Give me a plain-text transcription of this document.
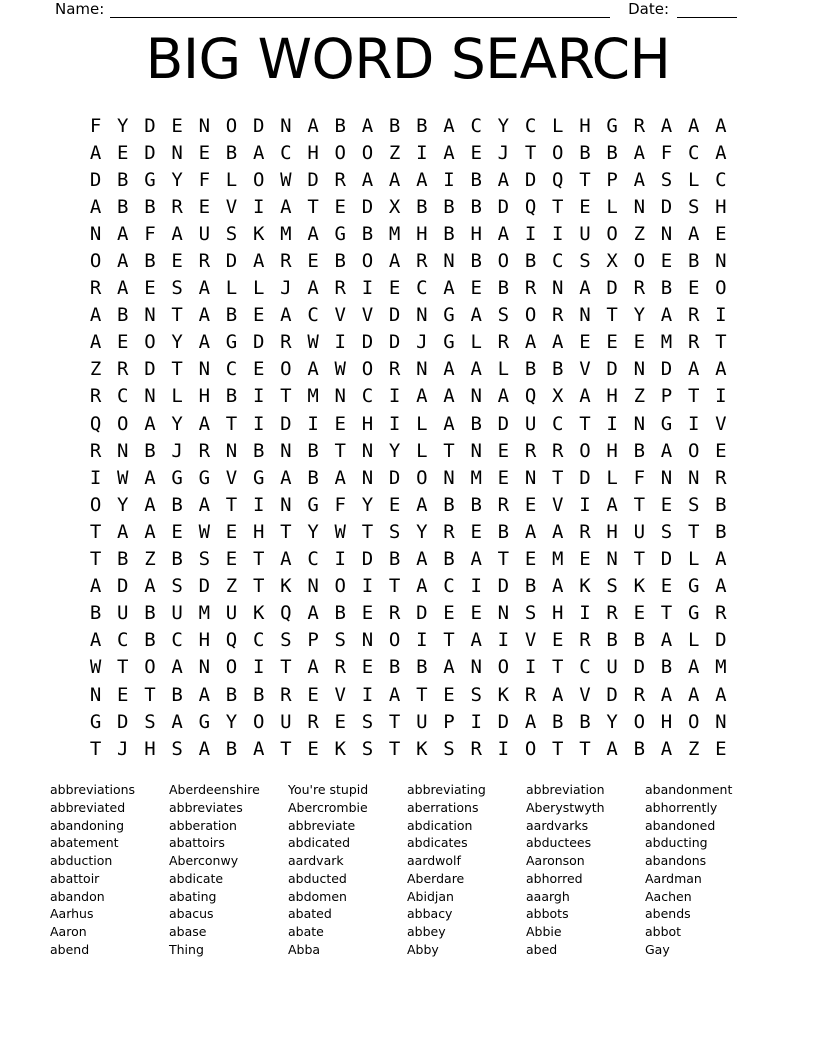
Name:	Date:
BIG WORD SEARCH
F Y D E N O D N A B A B B A C Y C L H G R A A A
A E D N E B A C H O O Z I A E J T O B B A F C A
D B G Y F L O W D R A A A I B A D Q T P A S L C
A B B R E V I A T E D X B B B D Q T E L N D S H
N A F A U S K M A G B M H B H A I I U O Z N A E
O A B E R D A R E B O A R N B O B C S X O E B N
R A E S A L L J A R I E C A E B R N A D R B E O
A B N T A B E A C V V D N G A S O R N T Y A R I
A E O Y A G D R W I D D J G L R A A E E E M R T
Z R D T N C E O A W O R N A A L B B V D N D A A
R C N L H B I T M N C I A A N A Q X A H Z P T I
Q O A Y A T I D I E H I L A B D U C T I N G I V
R N B J R N B N B T N Y L T N E R R O H B A O E
I W A G G V G A B A N D O N M E N T D L F N N R
O Y A B A T I N G F Y E A B B R E V I A T E S B
T A A E W E H T Y W T S Y R E B A A R H U S T B
T B Z B S E T A C I D B A B A T E M E N T D L A
A D A S D Z T K N O I T A C I D B A K S K E G A
B U B U M U K Q A B E R D E E N S H I R E T G R
A C B C H Q C S P S N O I T A I V E R B B A L D
W T O A N O I T A R E B B A N O I T C U D B A M
N E T B A B B R E V I A T E S K R A V D R A A A
G D S A G Y O U R E S T U P I D A B B Y O H O N
T J H S A B A T E K S T K S R I O T T A B A Z E
abbreviations
abbreviated
abandoning
abatement
abduction
abattoir
abandon
Aarhus
Aaron
abend
Aberdeenshire
abbreviates
abberation
abattoirs
Aberconwy
abdicate
abating
abacus
abase
Thing
You're stupid
Abercrombie
abbreviate
abdicated
aardvark
abducted
abdomen
abated
abate
Abba
abbreviating
aberrations
abdication
abdicates
aardwolf
Aberdare
Abidjan
abbacy
abbey
Abby
abbreviation
Aberystwyth
aardvarks
abductees
Aaronson
abhorred
aaargh
abbots
Abbie
abed
abandonment
abhorrently
abandoned
abducting
abandons
Aardman
Aachen
abends
abbot
Gay
